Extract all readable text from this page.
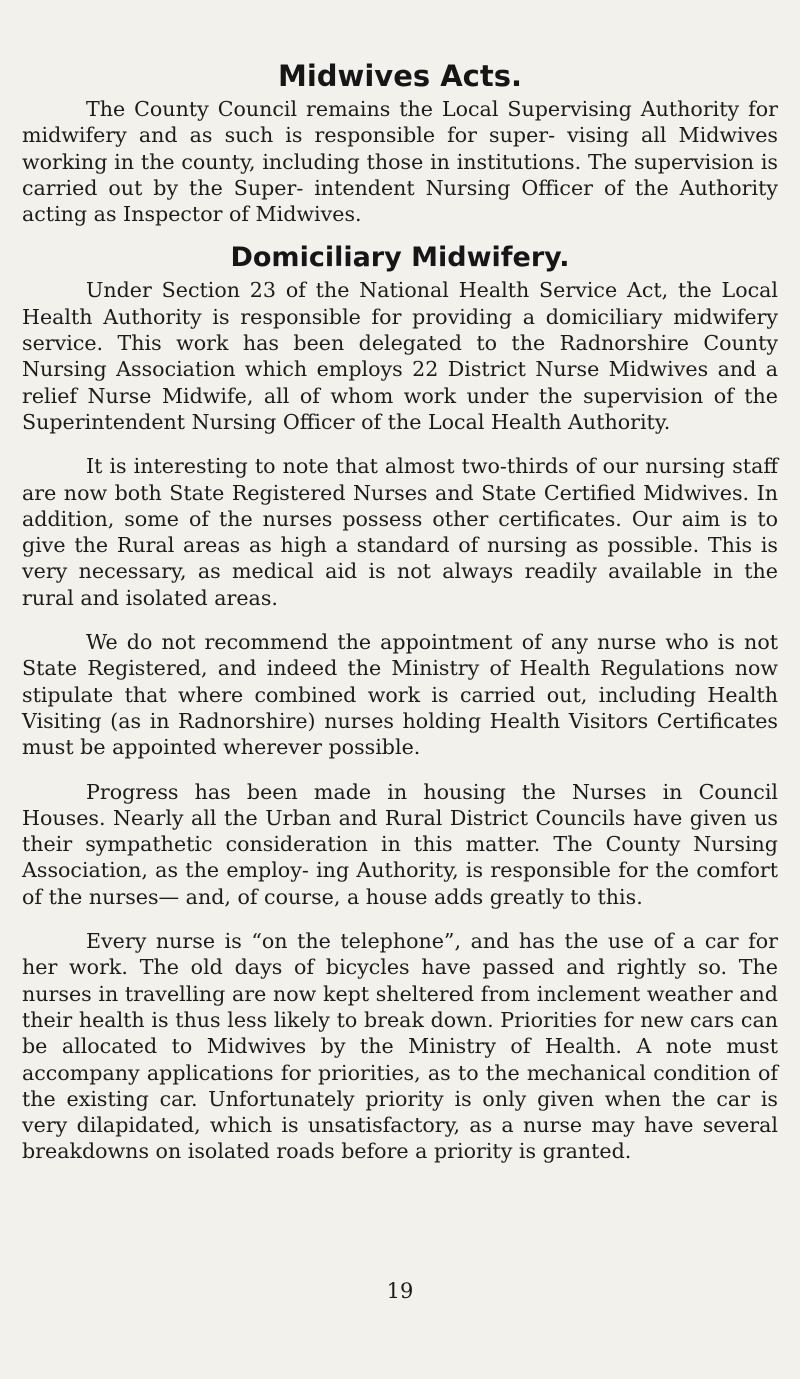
Midwives Acts.

The County Council remains the Local Supervising Authority for midwifery and as such is responsible for super- vising all Midwives working in the county, including those in institutions. The supervision is carried out by the Super- intendent Nursing Officer of the Authority acting as Inspector of Midwives.

Domiciliary Midwifery.

Under Section 23 of the National Health Service Act, the Local Health Authority is responsible for providing a domiciliary midwifery service. This work has been delegated to the Radnorshire County Nursing Association which employs 22 District Nurse Midwives and a relief Nurse Midwife, all of whom work under the supervision of the Superintendent Nursing Officer of the Local Health Authority.

It is interesting to note that almost two-thirds of our nursing staff are now both State Registered Nurses and State Certified Midwives. In addition, some of the nurses possess other certificates. Our aim is to give the Rural areas as high a standard of nursing as possible. This is very necessary, as medical aid is not always readily available in the rural and isolated areas.

We do not recommend the appointment of any nurse who is not State Registered, and indeed the Ministry of Health Regulations now stipulate that where combined work is carried out, including Health Visiting (as in Radnorshire) nurses holding Health Visitors Certificates must be appointed wherever possible.

Progress has been made in housing the Nurses in Council Houses. Nearly all the Urban and Rural District Councils have given us their sympathetic consideration in this matter. The County Nursing Association, as the employ- ing Authority, is responsible for the comfort of the nurses— and, of course, a house adds greatly to this.

Every nurse is “on the telephone”, and has the use of a car for her work. The old days of bicycles have passed and rightly so. The nurses in travelling are now kept sheltered from inclement weather and their health is thus less likely to break down. Priorities for new cars can be allocated to Midwives by the Ministry of Health. A note must accompany applications for priorities, as to the mechanical condition of the existing car. Unfortunately priority is only given when the car is very dilapidated, which is unsatisfactory, as a nurse may have several breakdowns on isolated roads before a priority is granted.

19
